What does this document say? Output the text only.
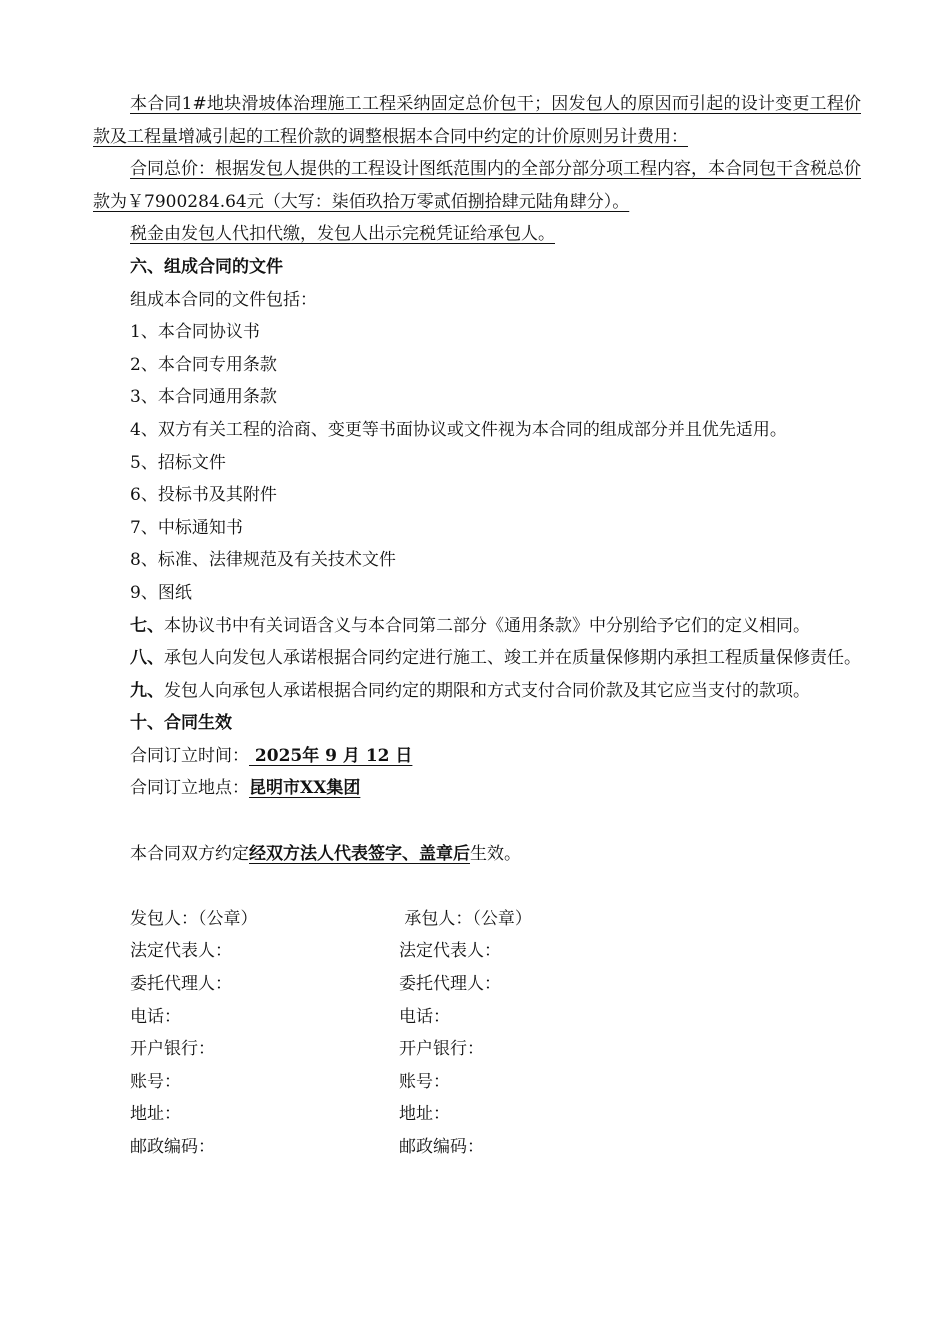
本合同1#地块滑坡体治理施工工程采纳固定总价包干；因发包人的原因而引起的设计变更工程价款及工程量增减引起的工程价款的调整根据本合同中约定的计价原则另计费用：

合同总价：根据发包人提供的工程设计图纸范围内的全部分部分项工程内容，本合同包干含税总价款为￥7900284.64元（大写：柒佰玖拾万零贰佰捌拾肆元陆角肆分）。

税金由发包人代扣代缴，发包人出示完税凭证给承包人。

六、组成合同的文件

组成本合同的文件包括：

1、本合同协议书

2、本合同专用条款

3、本合同通用条款

4、双方有关工程的洽商、变更等书面协议或文件视为本合同的组成部分并且优先适用。

5、招标文件

6、投标书及其附件

7、中标通知书

8、标准、法律规范及有关技术文件

9、图纸

七、本协议书中有关词语含义与本合同第二部分《通用条款》中分别给予它们的定义相同。

八、承包人向发包人承诺根据合同约定进行施工、竣工并在质量保修期内承担工程质量保修责任。

九、发包人向承包人承诺根据合同约定的期限和方式支付合同价款及其它应当支付的款项。

十、合同生效

合同订立时间： 2025年 9 月 12 日

合同订立地点：昆明市XX集团

本合同双方约定经双方法人代表签字、盖章后生效。

发包人：（公章）	承包人：（公章）
法定代表人：	法定代表人：
委托代理人：	委托代理人：
电话：	电话：
开户银行：	开户银行：
账号：	账号：
地址：	地址：
邮政编码：	邮政编码：
